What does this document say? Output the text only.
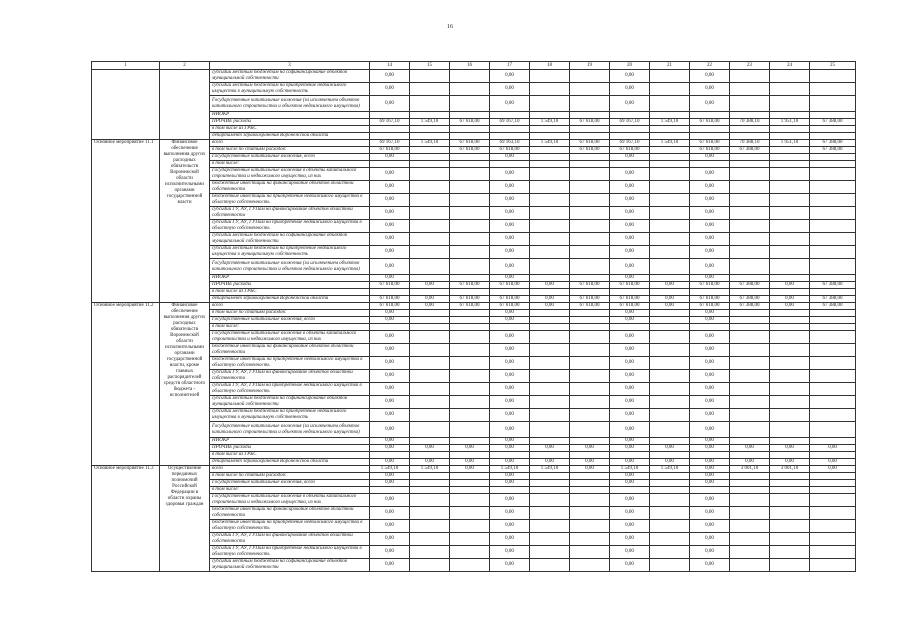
16
1	2	3	14	15	16	17	18	19	20	21	22	23	24	25
		субсидии местным бюджетам на софинансирование объектов муниципальной собственности	0,00			0,00			0,00		0,00			
		субсидии местным бюджетам на приобретение недвижимого имущества в муниципальную собственность	0,00			0,00			0,00		0,00			
		Государственные капитальные вложения (за исключением объектов капитального строительства и объектов недвижимого имущества)	0,00			0,00			0,00		0,00			
		НИОКР												
		ПРОЧИЕ расходы	69 167,10	1 549,10	67 618,00	69 167,10	1 549,10	67 618,00	69 167,10	1 549,10	67 618,00	70 388,10	1 951,10	67 388,00
		в том числе из ГРБС												
		департамент здравоохранения Воронежской области												
Основное мероприятие 11.1	Финансовое обеспечение выполнения других расходных обязательств Воронежской области исполнительными органами государственной власти	всего	69 167,10	1 549,10	67 618,00	69 163,10	1 549,10	67 618,00	69 167,10	1 549,10	67 618,00	70 388,10	1 951,10	67 388,00
		в том числе по статьям расходов:	67 618,00		67 618,00	67 618,00		67 618,00	67 618,00		67 618,00	67 388,00		67 388,00
		Государственные капитальные вложения, всего	0,00			0,00			0,00		0,00			
		в том числе:												
		Государственные капитальные вложения в объекты капитального строительства и недвижимого имущества, из них	0,00			0,00			0,00		0,00			
		бюджетные инвестиции на финансирование объектов областной собственности	0,00			0,00			0,00		0,00			
		бюджетные инвестиции на приобретение недвижимого имущества в областную собственность	0,00			0,00			0,00		0,00			
		субсидии ГУ, АУ, ГУПам на финансирование объектов областной собственности	0,00			0,00			0,00		0,00			
		субсидии ГУ, АУ, ГУПам на приобретение недвижимого имущества в областную собственность	0,00			0,00			0,00		0,00			
		субсидии местным бюджетам на софинансирование объектов муниципальной собственности	0,00			0,00			0,00		0,00			
		субсидии местным бюджетам на приобретение недвижимого имущества в муниципальную собственность	0,00			0,00			0,00		0,00			
		Государственные капитальные вложения (за исключением объектов капитального строительства и объектов недвижимого имущества)	0,00			0,00			0,00		0,00			
		НИОКР	0,00			0,00			0,00		0,00			
		ПРОЧИЕ расходы	67 618,00	0,00	67 618,00	67 618,00	0,00	67 618,00	67 618,00	0,00	67 618,00	67 388,00	0,00	67 388,00
		в том числе из ГРБС												
		департамент здравоохранения Воронежской области	67 618,00	0,00	67 618,00	67 618,00	0,00	67 618,00	67 618,00	0,00	67 618,00	67 388,00	0,00	67 388,00
Основное мероприятие 11.2	Финансовое обеспечение выполнения других расходных обязательств Воронежской области исполнительными органами государственной власти, кроме главных распорядителей средств областного бюджета - исполнителей	всего	67 618,00	0,00	67 618,00	67 618,00	0,00	67 618,00	67 618,00	0,00	67 618,00	67 388,00	0,00	67 388,00
		в том числе по статьям расходов:	0,00			0,00			0,00		0,00			
		Государственные капитальные вложения, всего	0,00			0,00			0,00		0,00			
		в том числе:												
		Государственные капитальные вложения в объекты капитального строительства и недвижимого имущества, из них	0,00			0,00			0,00		0,00			
		бюджетные инвестиции на финансирование объектов областной собственности	0,00			0,00			0,00		0,00			
		бюджетные инвестиции на приобретение недвижимого имущества в областную собственность	0,00			0,00			0,00		0,00			
		субсидии ГУ, АУ, ГУПам на финансирование объектов областной собственности	0,00			0,00			0,00		0,00			
		субсидии ГУ, АУ, ГУПам на приобретение недвижимого имущества в областную собственность	0,00			0,00			0,00		0,00			
		субсидии местным бюджетам на софинансирование объектов муниципальной собственности	0,00			0,00			0,00		0,00			
		субсидии местным бюджетам на приобретение недвижимого имущества в муниципальную собственность	0,00			0,00			0,00		0,00			
		Государственные капитальные вложения (за исключением объектов капитального строительства и объектов недвижимого имущества)	0,00			0,00			0,00		0,00			
		НИОКР	0,00			0,00			0,00		0,00			
		ПРОЧИЕ расходы	0,00	0,00	0,00	0,00	0,00	0,00	0,00	0,00	0,00	0,00	0,00	0,00
		в том числе из ГРБС												
		департамент здравоохранения Воронежской области	0,00	0,00	0,00	0,00	0,00	0,00	0,00	0,00	0,00	0,00	0,00	0,00
Основное мероприятие 11.3	Осуществление переданных полномочий Российской Федерации в области охраны здоровья граждан	всего	1 549,10	1 549,10	0,00	1 549,10	1 549,10	0,00	1 549,10	1 549,10	0,00	3 001,10	3 001,10	0,00
		в том числе по статьям расходов:	0,00			0,00			0,00		0,00			
		Государственные капитальные вложения, всего	0,00			0,00			0,00		0,00			
		в том числе:												
		Государственные капитальные вложения в объекты капитального строительства и недвижимого имущества, из них	0,00			0,00			0,00		0,00			
		бюджетные инвестиции на финансирование объектов областной собственности	0,00			0,00			0,00		0,00			
		бюджетные инвестиции на приобретение недвижимого имущества в областную собственность	0,00			0,00			0,00		0,00			
		субсидии ГУ, АУ, ГУПам на финансирование объектов областной собственности	0,00			0,00			0,00		0,00			
		субсидии ГУ, АУ, ГУПам на приобретение недвижимого имущества в областную собственность	0,00			0,00			0,00		0,00			
		субсидии местным бюджетам на софинансирование объектов муниципальной собственности	0,00			0,00			0,00		0,00			
